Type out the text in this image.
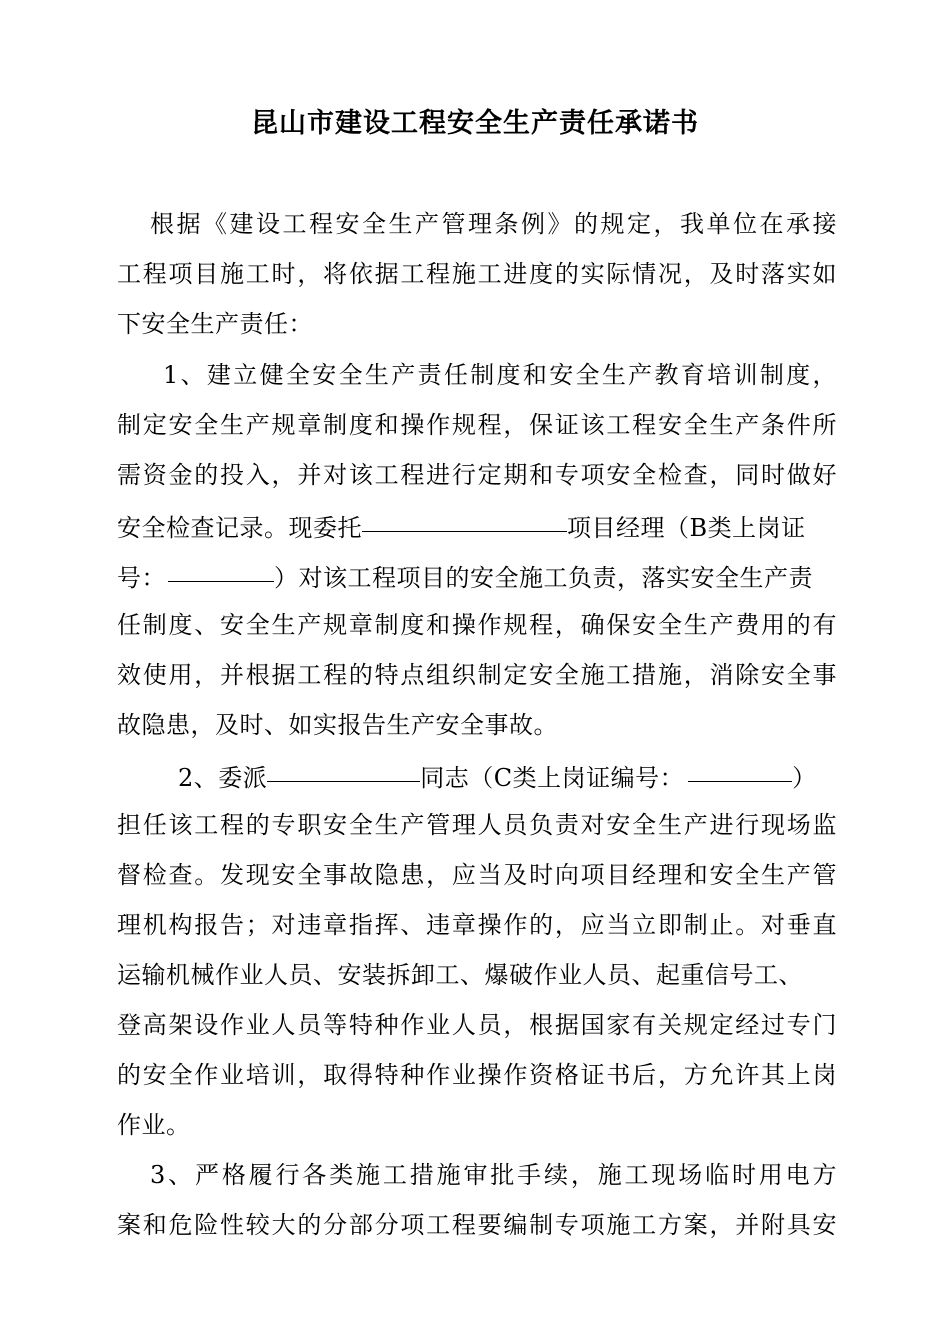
昆山市建设工程安全生产责任承诺书
根据《建设工程安全生产管理条例》的规定，我单位在承接
工程项目施工时，将依据工程施工进度的实际情况，及时落实如
下安全生产责任：
1、建立健全安全生产责任制度和安全生产教育培训制度，
制定安全生产规章制度和操作规程，保证该工程安全生产条件所
需资金的投入，并对该工程进行定期和专项安全检查，同时做好
安全检查记录。现委托	项目经理（B类上岗证
号：	）对该工程项目的安全施工负责，落实安全生产责
任制度、安全生产规章制度和操作规程，确保安全生产费用的有
效使用，并根据工程的特点组织制定安全施工措施，消除安全事
故隐患，及时、如实报告生产安全事故。
2、委派	同志（C类上岗证编号：	）
担任该工程的专职安全生产管理人员负责对安全生产进行现场监
督检查。发现安全事故隐患，应当及时向项目经理和安全生产管
理机构报告；对违章指挥、违章操作的，应当立即制止。对垂直
运输机械作业人员、安装拆卸工、爆破作业人员、起重信号工、
登高架设作业人员等特种作业人员，根据国家有关规定经过专门
的安全作业培训，取得特种作业操作资格证书后，方允许其上岗
作业。
3、严格履行各类施工措施审批手续，施工现场临时用电方
案和危险性较大的分部分项工程要编制专项施工方案，并附具安
